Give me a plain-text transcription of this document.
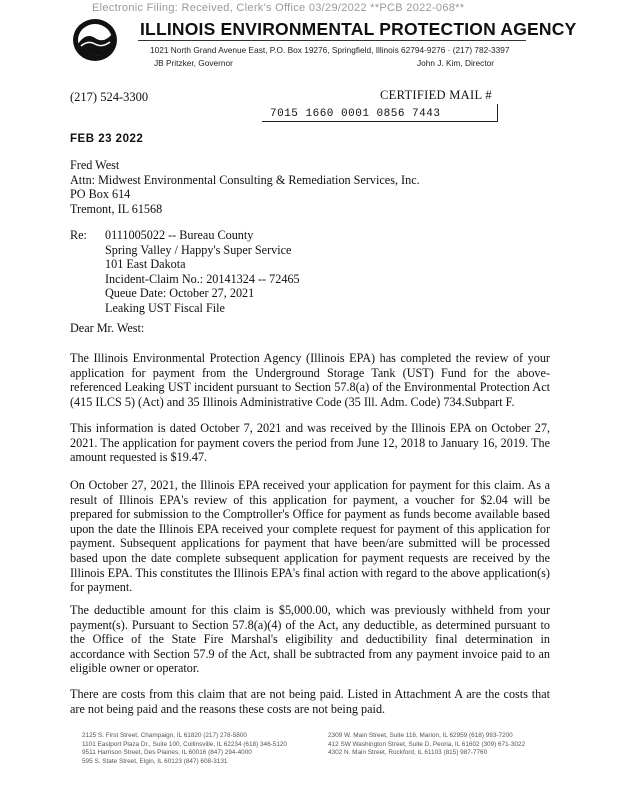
Electronic Filing: Received, Clerk's Office 03/29/2022 **PCB 2022-068**
ILLINOIS ENVIRONMENTAL PROTECTION AGENCY
1021 North Grand Avenue East, P.O. Box 19276, Springfield, Illinois 62794-9276 · (217) 782-3397
JB Pritzker, Governor	John J. Kim, Director
(217) 524-3300	CERTIFIED MAIL #
7015 1660 0001 0856 7443
FEB 23 2022
Fred West
Attn: Midwest Environmental Consulting & Remediation Services, Inc.
PO Box 614
Tremont, IL 61568
Re: 0111005022 -- Bureau County
Spring Valley / Happy's Super Service
101 East Dakota
Incident-Claim No.: 20141324 -- 72465
Queue Date: October 27, 2021
Leaking UST Fiscal File
Dear Mr. West:
The Illinois Environmental Protection Agency (Illinois EPA) has completed the review of your application for payment from the Underground Storage Tank (UST) Fund for the above-referenced Leaking UST incident pursuant to Section 57.8(a) of the Environmental Protection Act (415 ILCS 5) (Act) and 35 Illinois Administrative Code (35 Ill. Adm. Code) 734.Subpart F.
This information is dated October 7, 2021 and was received by the Illinois EPA on October 27, 2021. The application for payment covers the period from June 12, 2018 to January 16, 2019. The amount requested is $19.47.
On October 27, 2021, the Illinois EPA received your application for payment for this claim. As a result of Illinois EPA's review of this application for payment, a voucher for $2.04 will be prepared for submission to the Comptroller's Office for payment as funds become available based upon the date the Illinois EPA received your complete request for payment of this application for payment. Subsequent applications for payment that have been/are submitted will be processed based upon the date complete subsequent application for payment requests are received by the Illinois EPA. This constitutes the Illinois EPA's final action with regard to the above application(s) for payment.
The deductible amount for this claim is $5,000.00, which was previously withheld from your payment(s). Pursuant to Section 57.8(a)(4) of the Act, any deductible, as determined pursuant to the Office of the State Fire Marshal's eligibility and deductibility final determination in accordance with Section 57.9 of the Act, shall be subtracted from any payment invoice paid to an eligible owner or operator.
There are costs from this claim that are not being paid. Listed in Attachment A are the costs that are not being paid and the reasons these costs are not being paid.
2125 S. First Street, Champaign, IL 61820 (217) 278-5800
1101 Eastport Plaza Dr., Suite 100, Collinsville, IL 62234 (618) 346-5120
9511 Harrison Street, Des Plaines, IL 60016 (847) 294-4000
595 S. State Street, Elgin, IL 60123 (847) 608-3131
2309 W. Main Street, Suite 116, Marion, IL 62959 (618) 993-7200
412 SW Washington Street, Suite D, Peoria, IL 61602 (309) 671-3022
4302 N. Main Street, Rockford, IL 61103 (815) 987-7760
